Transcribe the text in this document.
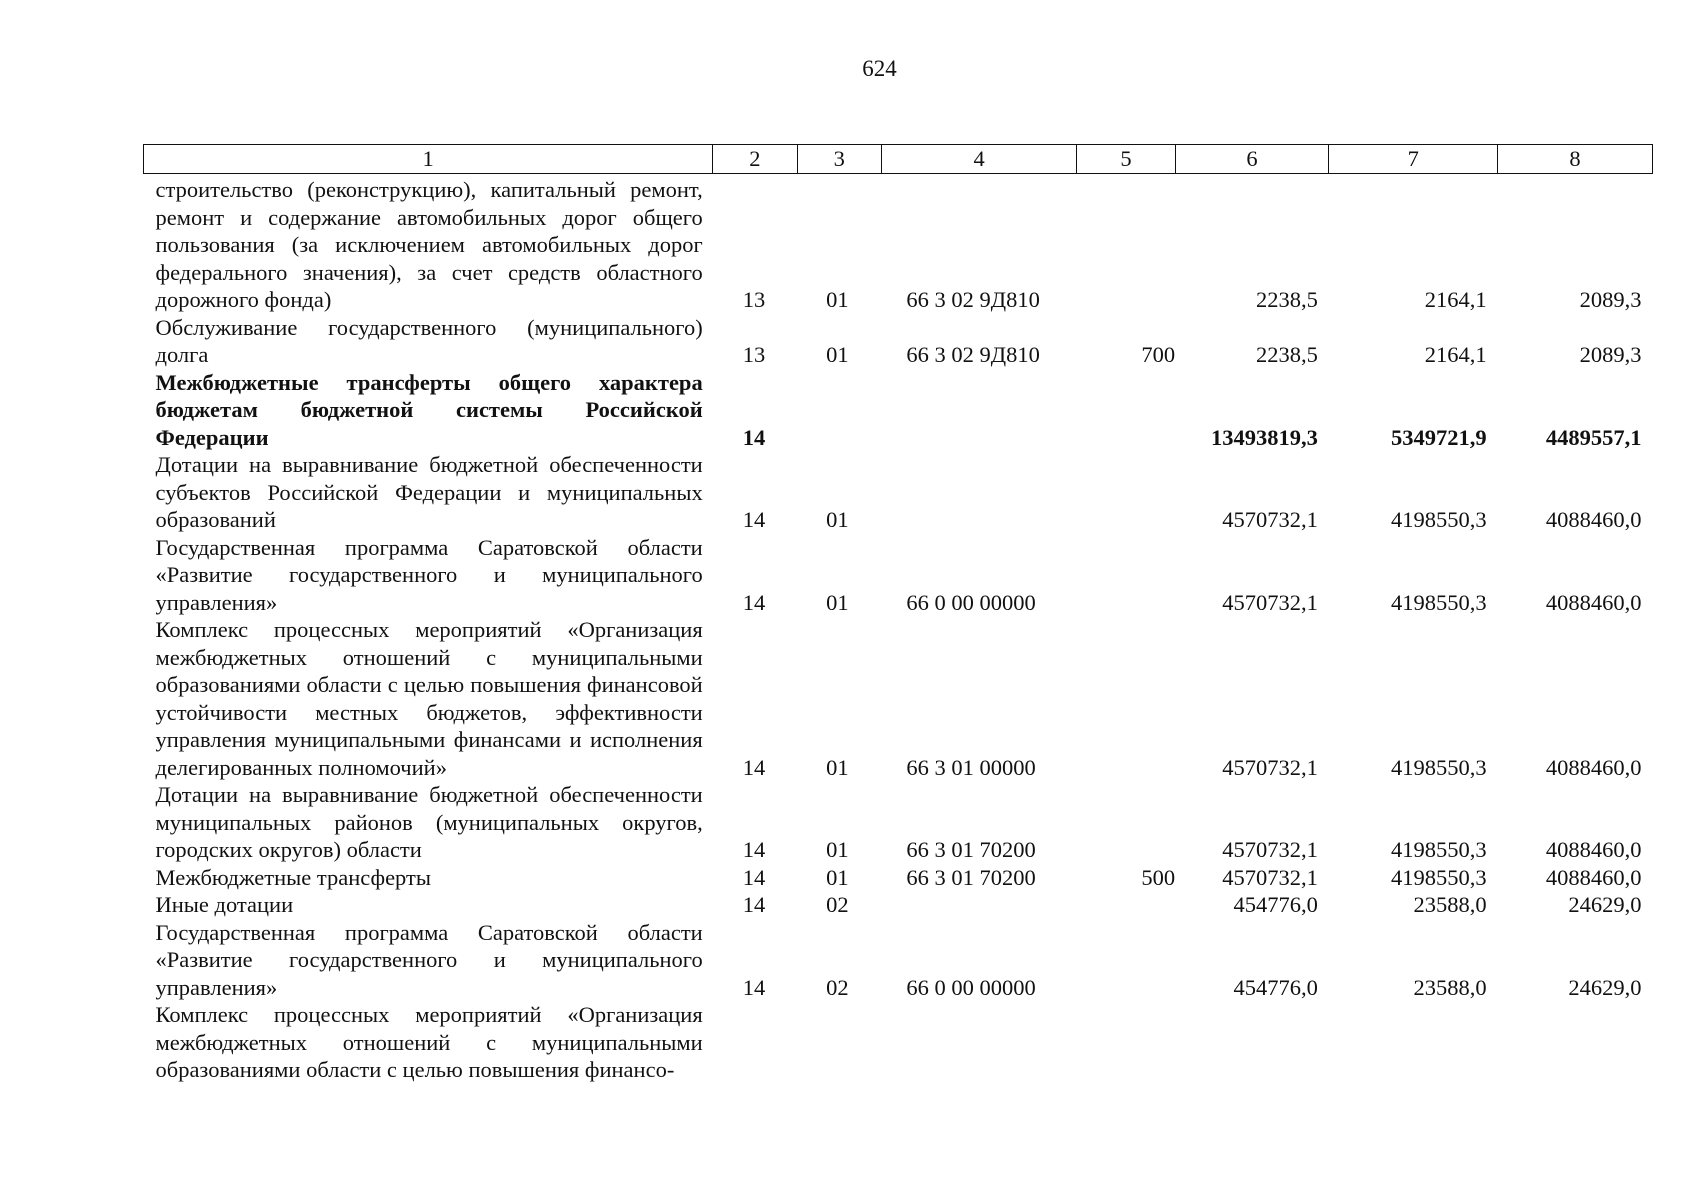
624
1	2	3	4	5	6	7	8

строительство (реконструкцию), капитальный ремонт, ремонт и содержание автомобильных дорог общего пользования (за исключением автомобильных дорог федерального значения), за счет средств областного дорожного фонда)	13	01	66 3 02 9Д810		2238,5	2164,1	2089,3
Обслуживание государственного (муниципального) долга	13	01	66 3 02 9Д810	700	2238,5	2164,1	2089,3
Межбюджетные трансферты общего характера бюджетам бюджетной системы Российской Федерации	14				13493819,3	5349721,9	4489557,1
Дотации на выравнивание бюджетной обеспеченности субъектов Российской Федерации и муниципальных образований	14	01			4570732,1	4198550,3	4088460,0
Государственная программа Саратовской области «Развитие государственного и муниципального управления»	14	01	66 0 00 00000		4570732,1	4198550,3	4088460,0
Комплекс процессных мероприятий «Организация межбюджетных отношений с муниципальными образованиями области с целью повышения финансовой устойчивости местных бюджетов, эффективности управления муниципальными финансами и исполнения делегированных полномочий»	14	01	66 3 01 00000		4570732,1	4198550,3	4088460,0
Дотации на выравнивание бюджетной обеспеченности муниципальных районов (муниципальных округов, городских округов) области	14	01	66 3 01 70200		4570732,1	4198550,3	4088460,0
Межбюджетные трансферты	14	01	66 3 01 70200	500	4570732,1	4198550,3	4088460,0
Иные дотации	14	02			454776,0	23588,0	24629,0
Государственная программа Саратовской области «Развитие государственного и муниципального управления»	14	02	66 0 00 00000		454776,0	23588,0	24629,0
Комплекс процессных мероприятий «Организация межбюджетных отношений с муниципальными образованиями области с целью повышения финансо-							
